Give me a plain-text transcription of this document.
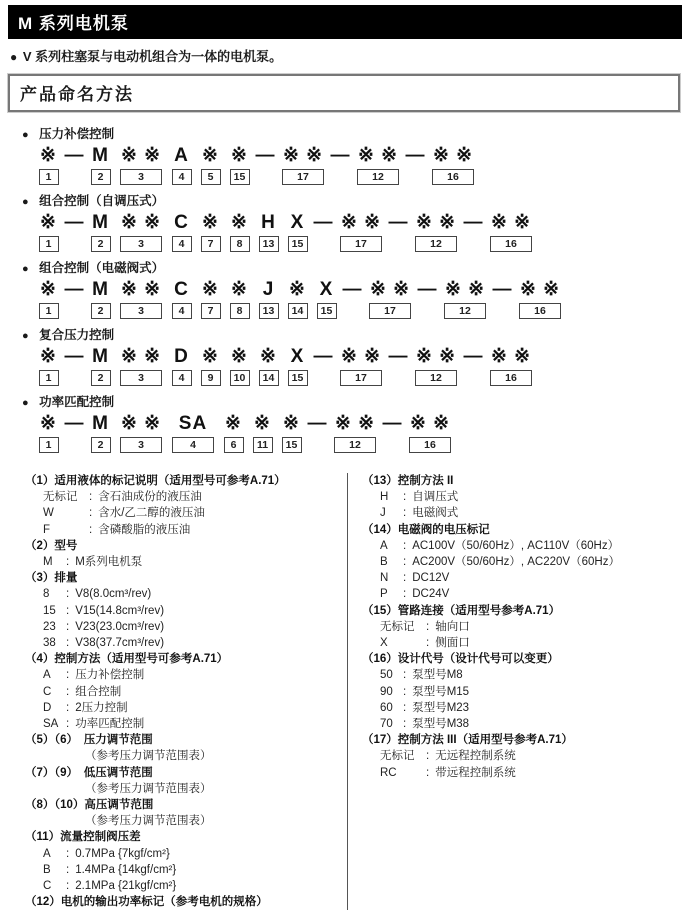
M 系列电机泵
● V 系列柱塞泵与电动机组合为一体的电机泵。
产品命名方法
● 压力补偿控制
※
1
— M
2
※ ※
3
A
4
※
5
※
15
— ※ ※
17
— ※ ※
12
— ※ ※
16
● 组合控制（自调压式）
※
1
— M
2
※ ※
3
C
4
※
7
※
8
H
13
X
15
— ※ ※
17
— ※ ※
12
— ※ ※
16
● 组合控制（电磁阀式）
※
1
— M
2
※ ※
3
C
4
※
7
※
8
J
13
※
14
X
15
— ※ ※
17
— ※ ※
12
— ※ ※
16
● 复合压力控制
※
1
— M
2
※ ※
3
D
4
※
9
※
10
※
14
X
15
— ※ ※
17
— ※ ※
12
— ※ ※
16
● 功率匹配控制
※
1
— M
2
※ ※
3
SA
4
※
6
※
11
※
15
— ※ ※
12
— ※ ※
16
（1）适用液体的标记说明（适用型号可参考A.71）
无标记 : 含石油成份的液压油
W	: 含水/乙二醇的液压油
F	: 含磷酸脂的液压油
（2）型号
M : M系列电机泵
（3）排量
8 : V8(8.0cm³/rev)
15 : V15(14.8cm³/rev)
23 : V23(23.0cm³/rev)
38 : V38(37.7cm³/rev)
（4）控制方法（适用型号可参考A.71）
A : 压力补偿控制
C : 组合控制
D : 2压力控制
SA : 功率匹配控制
（5）（6）　压力调节范围
（参考压力调节范围表）
（7）（9）　低压调节范围
（参考压力调节范围表）
（8）（10）高压调节范围
（参考压力调节范围表）
（11）流量控制阀压差
A : 0.7MPa {7kgf/cm²}
B : 1.4MPa {14kgf/cm²}
C : 2.1MPa {21kgf/cm²}
（12）电机的输出功率标记（参考电机的规格）
（13）控制方法 II
H : 自调压式
J : 电磁阀式
（14）电磁阀的电压标记
A : AC100V（50/60Hz）, AC110V（60Hz）
B : AC200V（50/60Hz）, AC220V（60Hz）
N : DC12V
P : DC24V
（15）管路连接（适用型号参考A.71）
无标记 : 轴向口
X	: 侧面口
（16）设计代号（设计代号可以变更）
50 : 泵型号M8
90 : 泵型号M15
60 : 泵型号M23
70 : 泵型号M38
（17）控制方法 III（适用型号参考A.71）
无标记 : 无远程控制系统
RC	: 带远程控制系统
